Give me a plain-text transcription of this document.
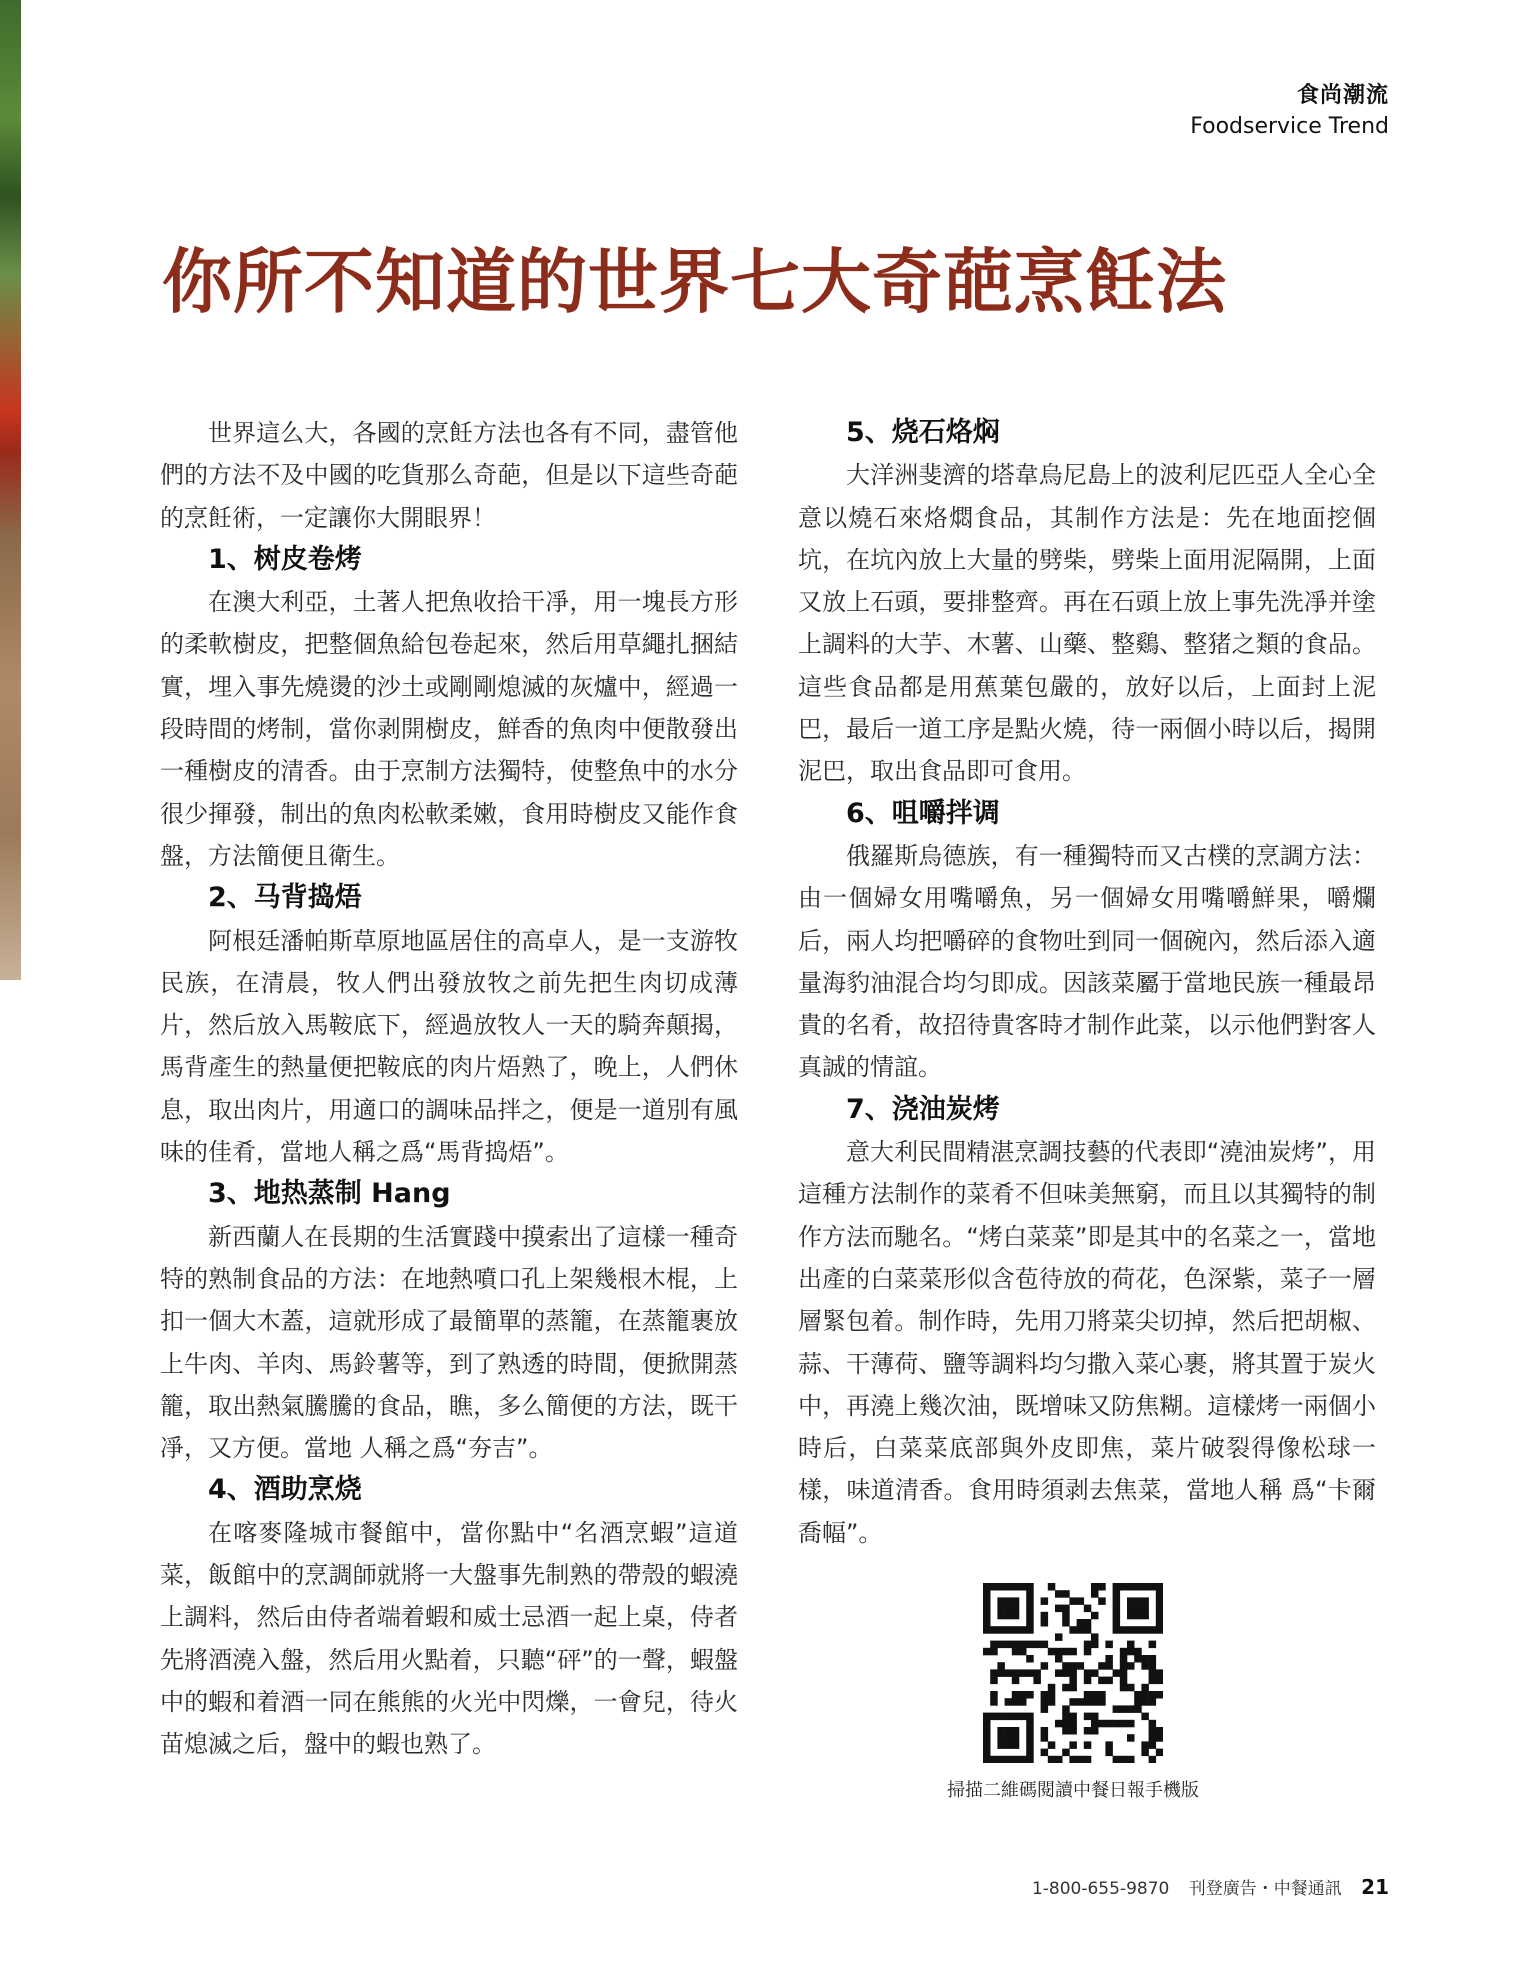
食尚潮流
Foodservice Trend
你所不知道的世界七大奇葩烹飪法

世界這么大，各國的烹飪方法也各有不同，盡管他們的方法不及中國的吃貨那么奇葩，但是以下這些奇葩的烹飪術，一定讓你大開眼界！

1、树皮卷烤

在澳大利亞，土著人把魚收拾干凈，用一塊長方形的柔軟樹皮，把整個魚給包卷起來，然后用草繩扎捆結實，埋入事先燒燙的沙土或剛剛熄滅的灰爐中，經過一段時間的烤制，當你剥開樹皮，鮮香的魚肉中便散發出一種樹皮的清香。由于烹制方法獨特，使整魚中的水分很少揮發，制出的魚肉松軟柔嫩，食用時樹皮又能作食盤，方法簡便且衛生。

2、马背捣焐

阿根廷潘帕斯草原地區居住的高卓人，是一支游牧民族，在清晨，牧人們出發放牧之前先把生肉切成薄片，然后放入馬鞍底下，經過放牧人一天的騎奔顛揭，馬背產生的熱量便把鞍底的肉片焐熟了，晚上，人們休息，取出肉片，用適口的調味品拌之，便是一道別有風味的佳肴，當地人稱之爲“馬背捣焐”。

3、地热蒸制 Hang

新西蘭人在長期的生活實踐中摸索出了這樣一種奇特的熟制食品的方法：在地熱噴口孔上架幾根木棍，上扣一個大木蓋，這就形成了最簡單的蒸籠，在蒸籠裹放上牛肉、羊肉、馬鈴薯等，到了熟透的時間，便掀開蒸籠，取出熱氣騰騰的食品，瞧，多么簡便的方法，既干凈，又方便。當地 人稱之爲“夯吉”。

4、酒助烹烧

在喀麥隆城市餐館中，當你點中“名酒烹蝦”這道菜，飯館中的烹調師就將一大盤事先制熟的帶殼的蝦澆上調料，然后由侍者端着蝦和威士忌酒一起上桌，侍者先將酒澆入盤，然后用火點着，只聽“砰”的一聲，蝦盤中的蝦和着酒一同在熊熊的火光中閃爍，一會兒，待火苗熄滅之后，盤中的蝦也熟了。

5、烧石烙焖

大洋洲斐濟的塔韋烏尼島上的波利尼匹亞人全心全意以燒石來烙燜食品，其制作方法是：先在地面挖個坑，在坑內放上大量的劈柴，劈柴上面用泥隔開，上面又放上石頭，要排整齊。再在石頭上放上事先洗凈并塗上調料的大芋、木薯、山藥、整鷄、整猪之類的食品。這些食品都是用蕉葉包嚴的，放好以后，上面封上泥巴，最后一道工序是點火燒，待一兩個小時以后，揭開泥巴，取出食品即可食用。

6、咀嚼拌调

俄羅斯烏德族，有一種獨特而又古樸的烹調方法：由一個婦女用嘴嚼魚，另一個婦女用嘴嚼鮮果，嚼爛后，兩人均把嚼碎的食物吐到同一個碗內，然后添入適量海豹油混合均匀即成。因該菜屬于當地民族一種最昂貴的名肴，故招待貴客時才制作此菜，以示他們對客人真誠的情誼。

7、浇油炭烤

意大利民間精湛烹調技藝的代表即“澆油炭烤”，用這種方法制作的菜肴不但味美無窮，而且以其獨特的制作方法而馳名。“烤白菜菜”即是其中的名菜之一，當地出產的白菜菜形似含苞待放的荷花，色深紫，菜子一層層緊包着。制作時，先用刀將菜尖切掉，然后把胡椒、蒜、干薄荷、鹽等調料均匀撒入菜心裹，將其置于炭火中，再澆上幾次油，既增味又防焦糊。這樣烤一兩個小時后，白菜菜底部與外皮即焦，菜片破裂得像松球一樣，味道清香。食用時須剥去焦菜，當地人稱 爲“卡爾喬幅”。

掃描二維碼閱讀中餐日報手機版
1-800-655-9870 刊登廣告・中餐通訊 21
